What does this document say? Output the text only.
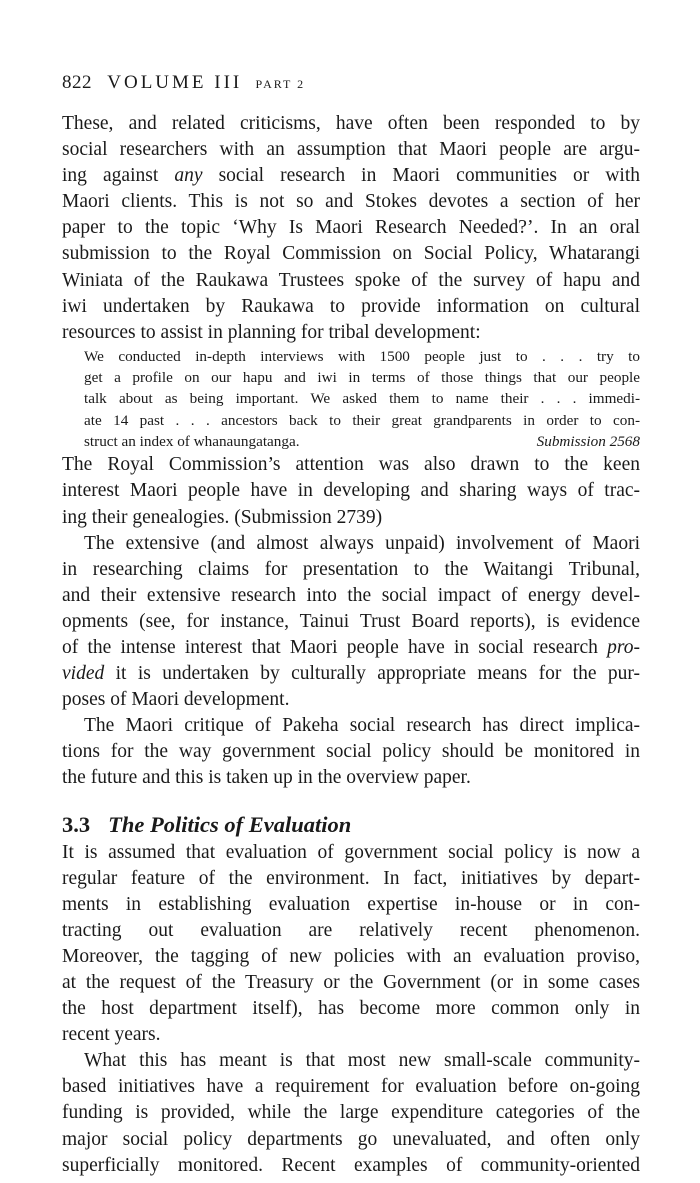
822 VOLUME III PART 2

These, and related criticisms, have often been responded to by
social researchers with an assumption that Maori people are argu-
ing against any social research in Maori communities or with
Maori clients. This is not so and Stokes devotes a section of her
paper to the topic ‘Why Is Maori Research Needed?’. In an oral
submission to the Royal Commission on Social Policy, Whatarangi
Winiata of the Raukawa Trustees spoke of the survey of hapu and
iwi undertaken by Raukawa to provide information on cultural
resources to assist in planning for tribal development:

We conducted in-depth interviews with 1500 people just to . . . try to
get a profile on our hapu and iwi in terms of those things that our people
talk about as being important. We asked them to name their . . . immedi-
ate 14 past . . . ancestors back to their great grandparents in order to con-
struct an index of whanaungatanga.	Submission 2568

The Royal Commission’s attention was also drawn to the keen
interest Maori people have in developing and sharing ways of trac-
ing their genealogies. (Submission 2739)

The extensive (and almost always unpaid) involvement of Maori
in researching claims for presentation to the Waitangi Tribunal,
and their extensive research into the social impact of energy devel-
opments (see, for instance, Tainui Trust Board reports), is evidence
of the intense interest that Maori people have in social research pro-
vided it is undertaken by culturally appropriate means for the pur-
poses of Maori development.

The Maori critique of Pakeha social research has direct implica-
tions for the way government social policy should be monitored in
the future and this is taken up in the overview paper.

3.3 The Politics of Evaluation

It is assumed that evaluation of government social policy is now a
regular feature of the environment. In fact, initiatives by depart-
ments in establishing evaluation expertise in-house or in con-
tracting out evaluation are relatively recent phenomenon.
Moreover, the tagging of new policies with an evaluation proviso,
at the request of the Treasury or the Government (or in some cases
the host department itself), has become more common only in
recent years.

What this has meant is that most new small-scale community-
based initiatives have a requirement for evaluation before on-going
funding is provided, while the large expenditure categories of the
major social policy departments go unevaluated, and often only
superficially monitored. Recent examples of community-oriented
